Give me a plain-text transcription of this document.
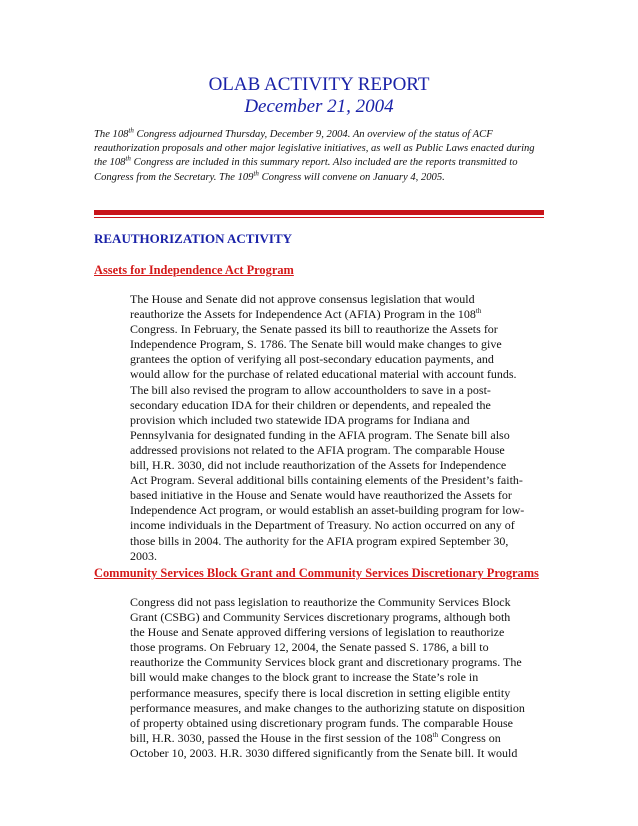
OLAB ACTIVITY REPORT
December 21, 2004

The 108th Congress adjourned Thursday, December 9, 2004. An overview of the status of ACF reauthorization proposals and other major legislative initiatives, as well as Public Laws enacted during the 108th Congress are included in this summary report. Also included are the reports transmitted to Congress from the Secretary. The 109th Congress will convene on January 4, 2005.

REAUTHORIZATION ACTIVITY
Assets for Independence Act Program
The House and Senate did not approve consensus legislation that would
reauthorize the Assets for Independence Act (AFIA) Program in the 108th
Congress. In February, the Senate passed its bill to reauthorize the Assets for
Independence Program, S. 1786. The Senate bill would make changes to give
grantees the option of verifying all post-secondary education payments, and
would allow for the purchase of related educational material with account funds.
The bill also revised the program to allow accountholders to save in a post-
secondary education IDA for their children or dependents, and repealed the
provision which included two statewide IDA programs for Indiana and
Pennsylvania for designated funding in the AFIA program. The Senate bill also
addressed provisions not related to the AFIA program. The comparable House
bill, H.R. 3030, did not include reauthorization of the Assets for Independence
Act Program. Several additional bills containing elements of the President’s faith-
based initiative in the House and Senate would have reauthorized the Assets for
Independence Act program, or would establish an asset-building program for low-
income individuals in the Department of Treasury. No action occurred on any of
those bills in 2004. The authority for the AFIA program expired September 30,
2003.
Community Services Block Grant and Community Services Discretionary Programs
Congress did not pass legislation to reauthorize the Community Services Block
Grant (CSBG) and Community Services discretionary programs, although both
the House and Senate approved differing versions of legislation to reauthorize
those programs. On February 12, 2004, the Senate passed S. 1786, a bill to
reauthorize the Community Services block grant and discretionary programs. The
bill would make changes to the block grant to increase the State’s role in
performance measures, specify there is local discretion in setting eligible entity
performance measures, and make changes to the authorizing statute on disposition
of property obtained using discretionary program funds. The comparable House
bill, H.R. 3030, passed the House in the first session of the 108th Congress on
October 10, 2003. H.R. 3030 differed significantly from the Senate bill. It would
